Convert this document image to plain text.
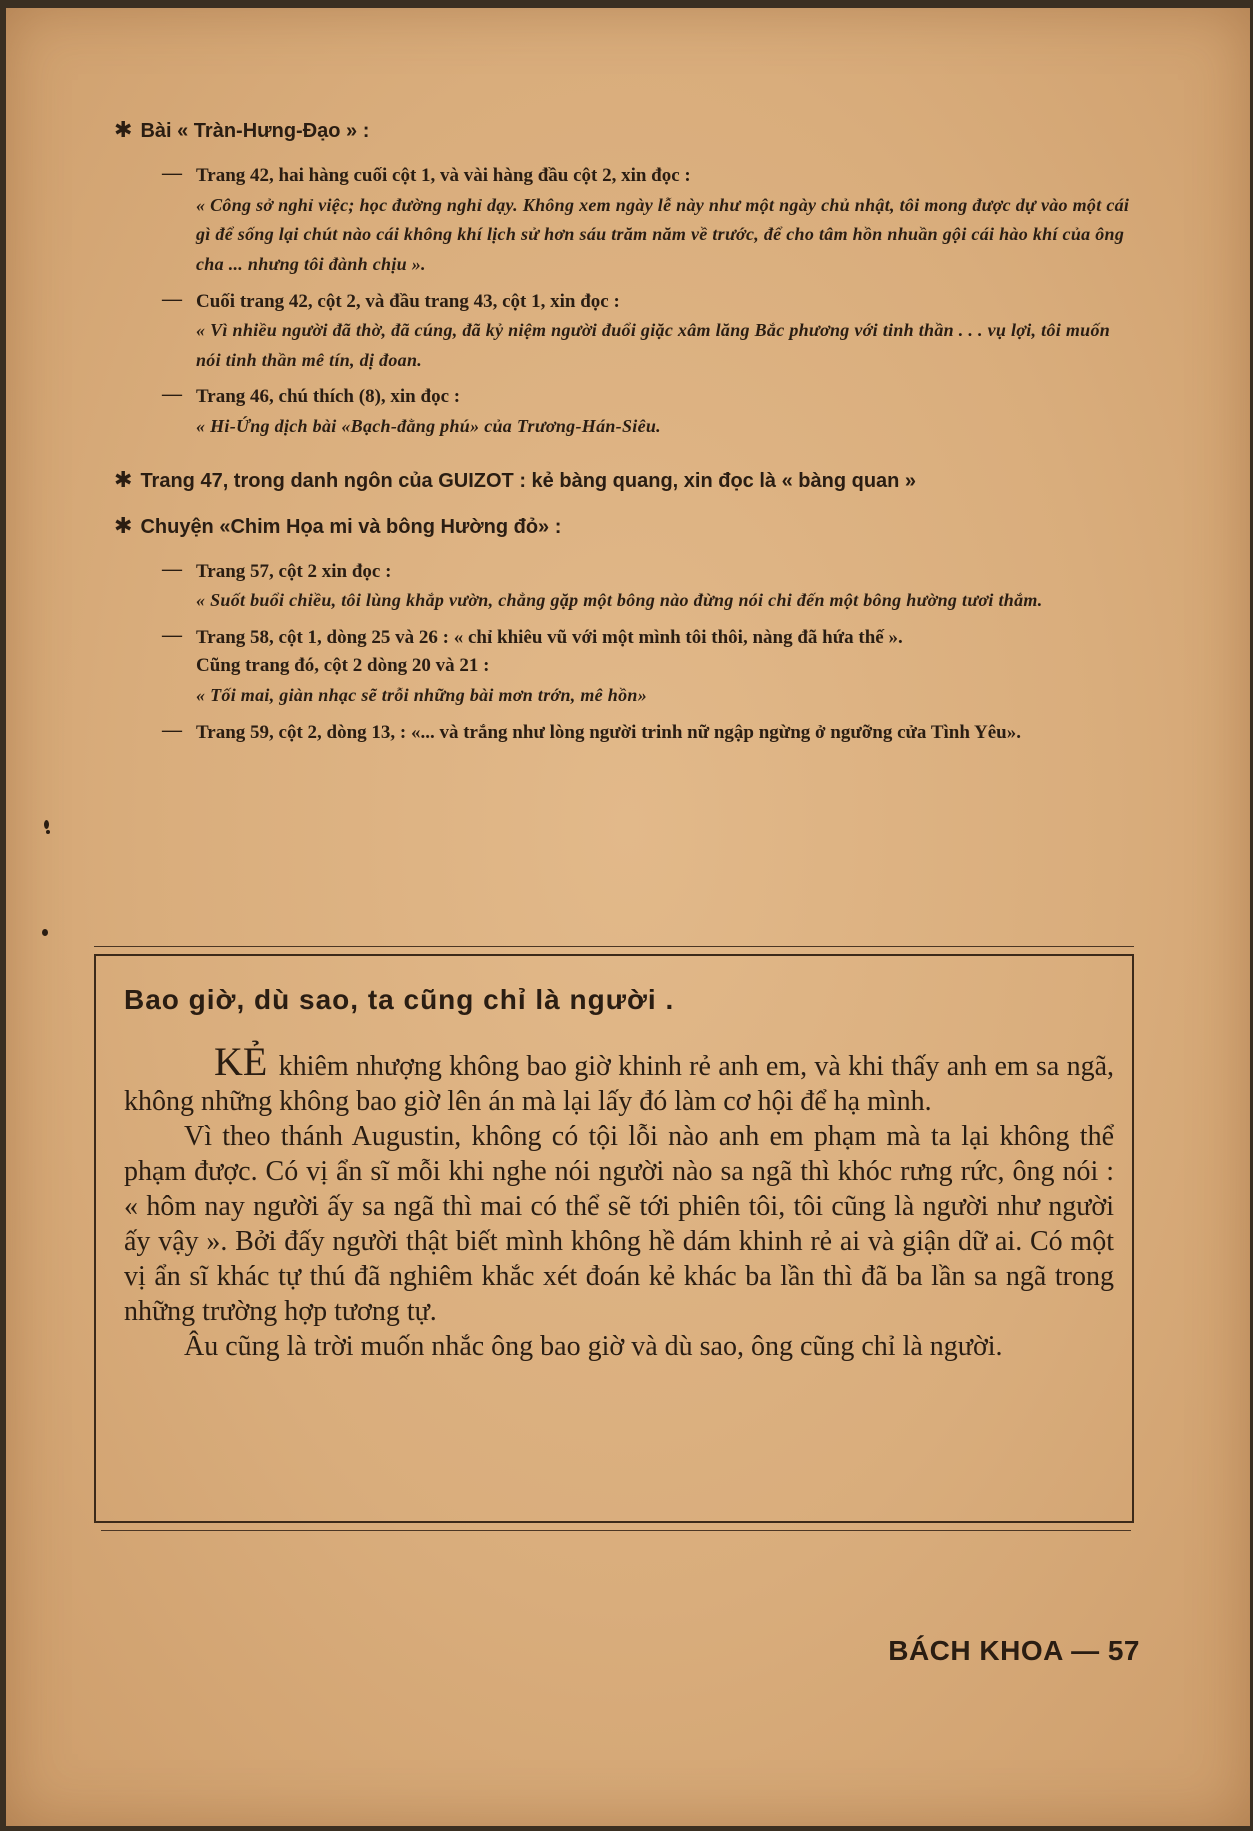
✱ Bài « Tràn-Hưng-Đạo » :
— Trang 42, hai hàng cuối cột 1, và vài hàng đầu cột 2, xin đọc :
« Công sở nghỉ việc; học đường nghỉ dạy. Không xem ngày lễ này như một ngày chủ nhật, tôi mong được dự vào một cái gì để sống lại chút nào cái không khí lịch sử hơn sáu trăm năm về trước, để cho tâm hồn nhuần gội cái hào khí của ông cha ... nhưng tôi đành chịu ».
— Cuối trang 42, cột 2, và đầu trang 43, cột 1, xin đọc :
« Vì nhiều người đã thờ, đã cúng, đã kỷ niệm người đuổi giặc xâm lăng Bắc phương với tinh thần . . . vụ lợi, tôi muốn nói tinh thần mê tín, dị đoan.
— Trang 46, chú thích (8), xin đọc :
« Hi-Ứng dịch bài «Bạch-đằng phú» của Trương-Hán-Siêu.
✱ Trang 47, trong danh ngôn của GUIZOT : kẻ bàng quang, xin đọc là « bàng quan »
✱ Chuyện «Chim Họa mi và bông Hường đỏ» :
— Trang 57, cột 2 xin đọc :
« Suốt buổi chiều, tôi lùng khắp vườn, chẳng gặp một bông nào đừng nói chi đến một bông hường tươi thắm.
— Trang 58, cột 1, dòng 25 và 26 : « chỉ khiêu vũ với một mình tôi thôi, nàng đã hứa thế ».
Cũng trang đó, cột 2 dòng 20 và 21 :
« Tối mai, giàn nhạc sẽ trỗi những bài mơn trớn, mê hồn»
— Trang 59, cột 2, dòng 13, : «... và trắng như lòng người trinh nữ ngập ngừng ở ngưỡng cửa Tình Yêu».
Bao giờ, dù sao, ta cũng chỉ là người .

KẺ khiêm nhượng không bao giờ khinh rẻ anh em, và khi thấy anh em sa ngã, không những không bao giờ lên án mà lại lấy đó làm cơ hội để hạ mình.

Vì theo thánh Augustin, không có tội lỗi nào anh em phạm mà ta lại không thể phạm được. Có vị ẩn sĩ mỗi khi nghe nói người nào sa ngã thì khóc rưng rức, ông nói : « hôm nay người ấy sa ngã thì mai có thể sẽ tới phiên tôi, tôi cũng là người như người ấy vậy ». Bởi đấy người thật biết mình không hề dám khinh rẻ ai và giận dữ ai. Có một vị ẩn sĩ khác tự thú đã nghiêm khắc xét đoán kẻ khác ba lần thì đã ba lần sa ngã trong những trường hợp tương tự.

Âu cũng là trời muốn nhắc ông bao giờ và dù sao, ông cũng chỉ là người.

BÁCH KHOA — 57
